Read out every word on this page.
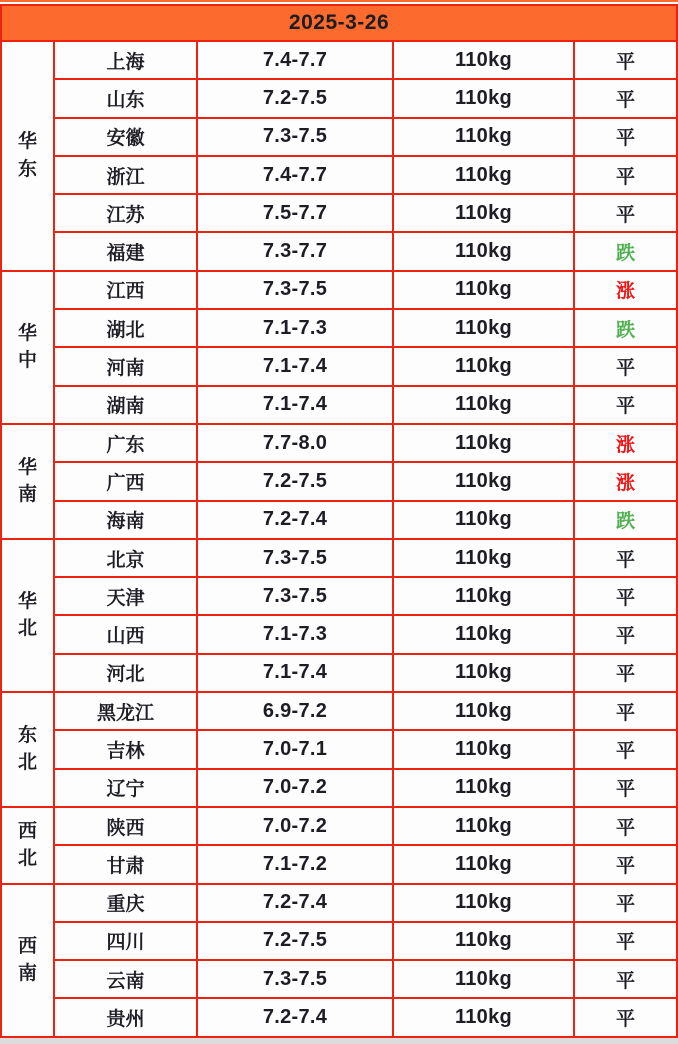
2025-3-26				

华东	上海	7.4-7.7	110kg	平
	山东	7.2-7.5	110kg	平
	安徽	7.3-7.5	110kg	平
	浙江	7.4-7.7	110kg	平
	江苏	7.5-7.7	110kg	平
	福建	7.3-7.7	110kg	跌

华中	江西	7.3-7.5	110kg	涨
	湖北	7.1-7.3	110kg	跌
	河南	7.1-7.4	110kg	平
	湖南	7.1-7.4	110kg	平

华南	广东	7.7-8.0	110kg	涨
	广西	7.2-7.5	110kg	涨
	海南	7.2-7.4	110kg	跌

华北	北京	7.3-7.5	110kg	平
	天津	7.3-7.5	110kg	平
	山西	7.1-7.3	110kg	平
	河北	7.1-7.4	110kg	平

东北	黑龙江	6.9-7.2	110kg	平
	吉林	7.0-7.1	110kg	平
	辽宁	7.0-7.2	110kg	平

西北	陕西	7.0-7.2	110kg	平
	甘肃	7.1-7.2	110kg	平

西南	重庆	7.2-7.4	110kg	平
	四川	7.2-7.5	110kg	平
	云南	7.3-7.5	110kg	平
	贵州	7.2-7.4	110kg	平
